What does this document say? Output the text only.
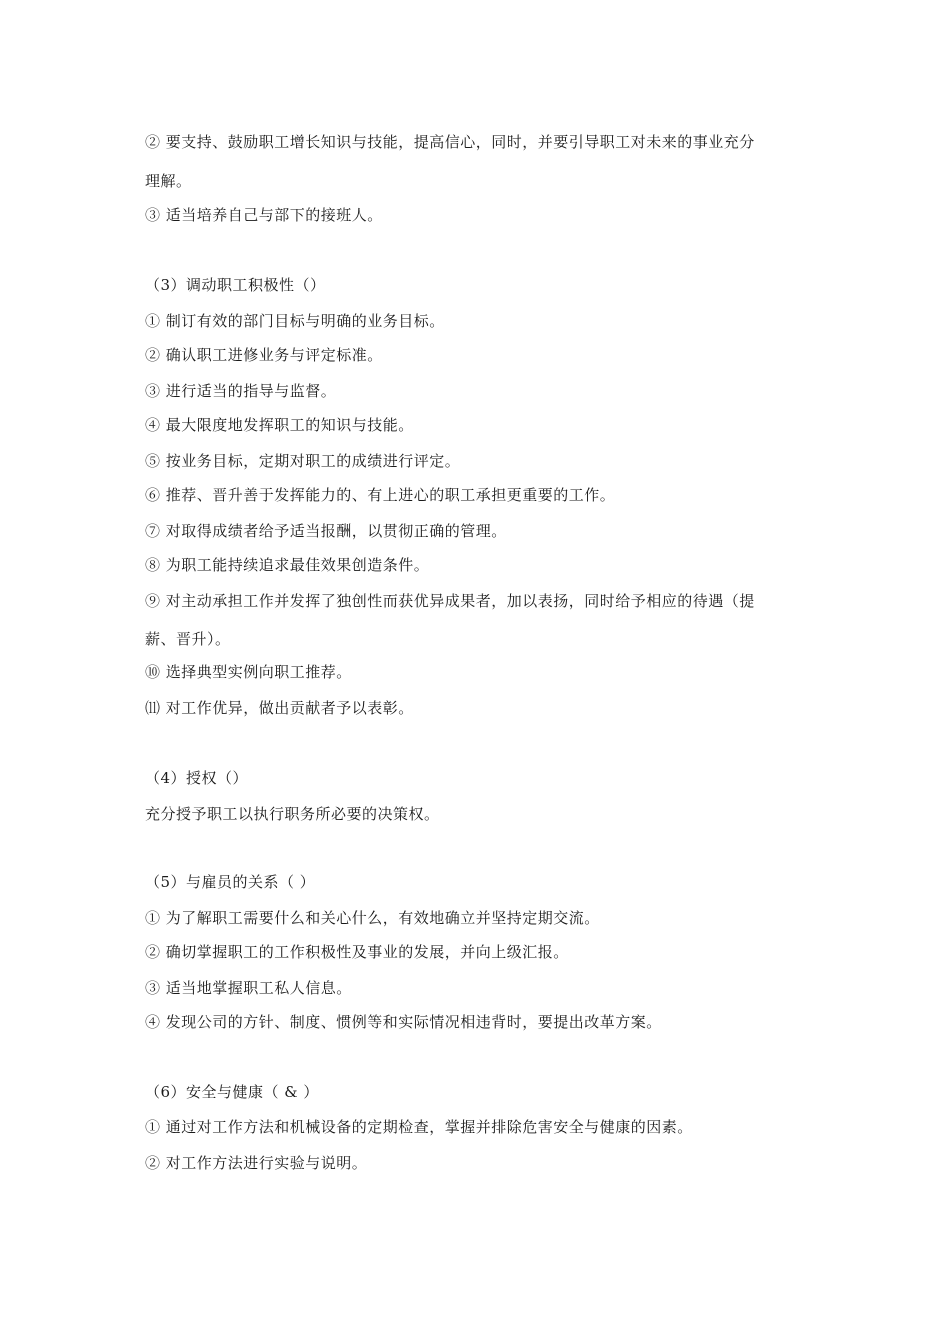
② 要支持、鼓励职工增长知识与技能，提高信心，同时，并要引导职工对未来的事业充分
理解。
③ 适当培养自己与部下的接班人。
（3）调动职工积极性（）
① 制订有效的部门目标与明确的业务目标。
② 确认职工进修业务与评定标准。
③ 进行适当的指导与监督。
④ 最大限度地发挥职工的知识与技能。
⑤ 按业务目标，定期对职工的成绩进行评定。
⑥ 推荐、晋升善于发挥能力的、有上进心的职工承担更重要的工作。
⑦ 对取得成绩者给予适当报酬，以贯彻正确的管理。
⑧ 为职工能持续追求最佳效果创造条件。
⑨ 对主动承担工作并发挥了独创性而获优异成果者，加以表扬，同时给予相应的待遇（提
薪、晋升）。
⑩ 选择典型实例向职工推荐。
⑾ 对工作优异，做出贡献者予以表彰。
（4）授权（）
充分授予职工以执行职务所必要的决策权。
（5）与雇员的关系（ ）
① 为了解职工需要什么和关心什么，有效地确立并坚持定期交流。
② 确切掌握职工的工作积极性及事业的发展，并向上级汇报。
③ 适当地掌握职工私人信息。
④ 发现公司的方针、制度、惯例等和实际情况相违背时，要提出改革方案。
（6）安全与健康（ & ）
① 通过对工作方法和机械设备的定期检查，掌握并排除危害安全与健康的因素。
② 对工作方法进行实验与说明。
